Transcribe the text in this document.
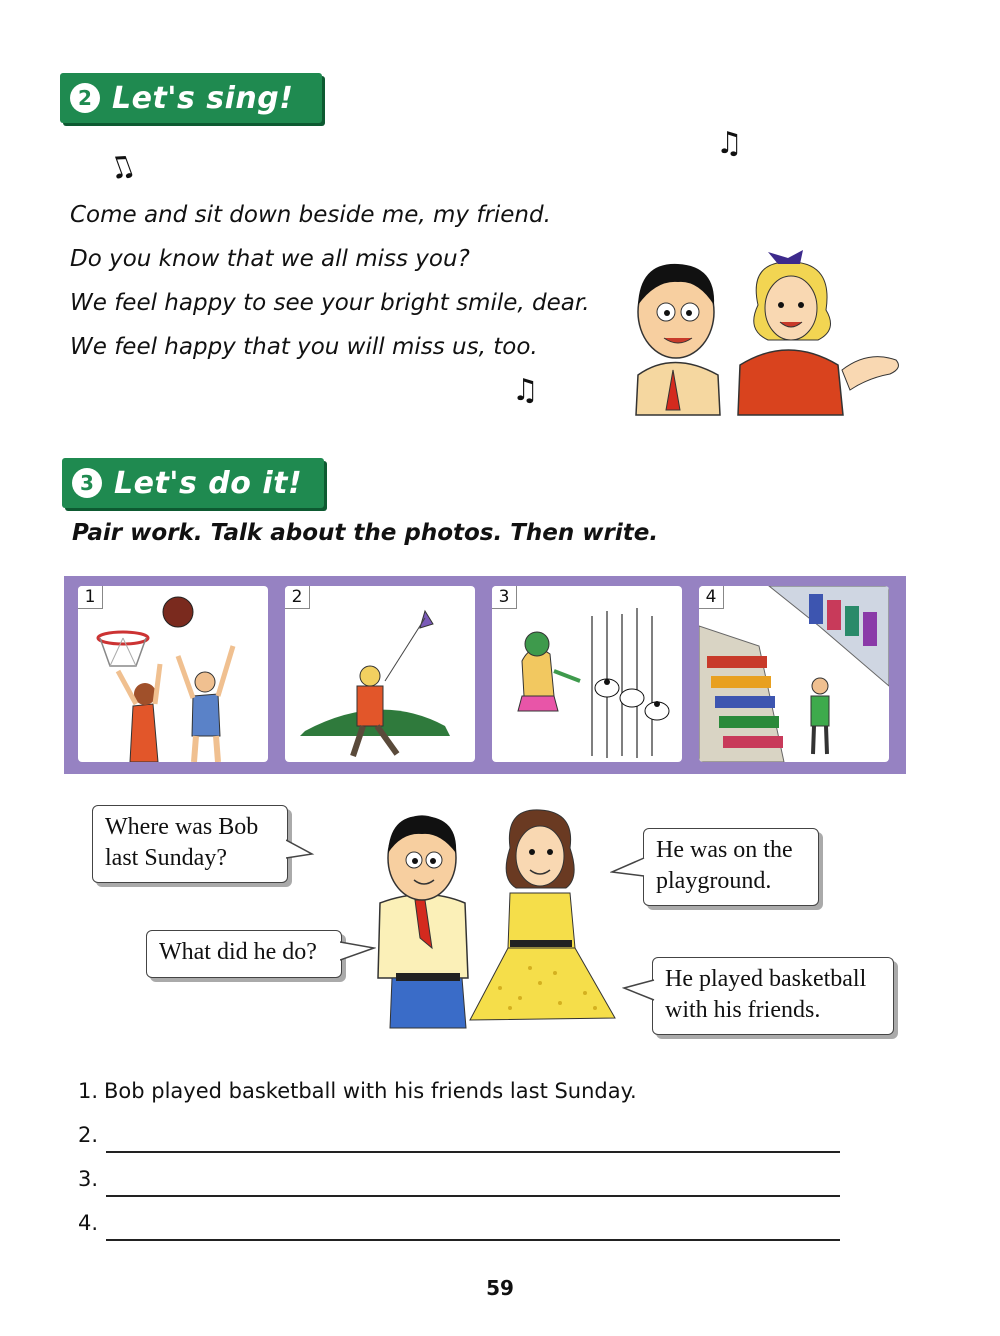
2 Let's sing!
♫
♫
♫
Come and sit down beside me, my friend.
Do you know that we all miss you?
We feel happy to see your bright smile, dear.
We feel happy that you will miss us, too.
3 Let's do it!
Pair work. Talk about the photos. Then write.
1	2	3	4
Where was Bob last Sunday?	He was on the playground.
What did he do?
He played basketball with his friends.
1. Bob played basketball with his friends last Sunday.
2.
3.
4.
59
